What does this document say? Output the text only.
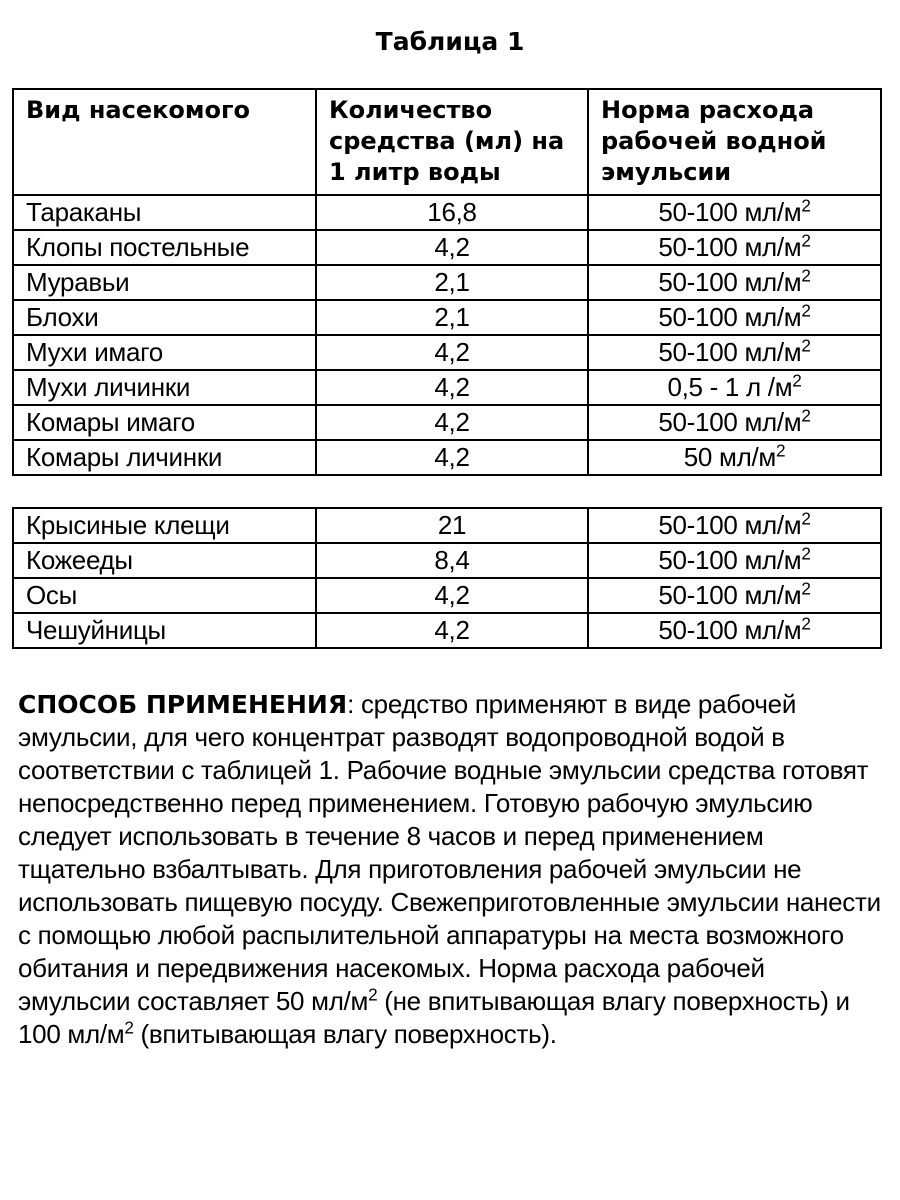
Таблица 1
Вид насекомого	Количество средства (мл) на 1 литр воды	Норма расхода рабочей водной эмульсии
Тараканы	16,8	50-100 $мл/м^2$
Клопы постельные	4,2	50-100 $мл/м^2$
Муравьи	2,1	50-100 $мл/м^2$
Блохи	2,1	50-100 $мл/м^2$
Мухи имаго	4,2	50-100 $мл/м^2$
Мухи личинки	4,2	0,5 - 1 л $/м^2$
Комары имаго	4,2	50-100 $мл/м^2$
Комары личинки	4,2	50 $мл/м^2$
Крысиные клещи	21	50-100 $мл/м^2$
Кожееды	8,4	50-100 $мл/м^2$
Осы	4,2	50-100 $мл/м^2$
Чешуйницы	4,2	50-100 $мл/м^2$

СПОСОБ ПРИМЕНЕНИЯ: средство применяют в виде рабочей эмульсии, для чего концентрат разводят водопроводной водой в соответствии с таблицей 1. Рабочие водные эмульсии средства готовят непосредственно перед применением. Готовую рабочую эмульсию следует использовать в течение 8 часов и перед применением тщательно взбалтывать. Для приготовления рабочей эмульсии не использовать пищевую посуду. Свежеприготовленные эмульсии нанести с помощью любой распылительной аппаратуры на места возможного обитания и передвижения насекомых. Норма расхода рабочей эмульсии составляет 50 $мл/м^2$ (не впитывающая влагу поверхность) и 100 $мл/м^2$ (впитывающая влагу поверхность).
